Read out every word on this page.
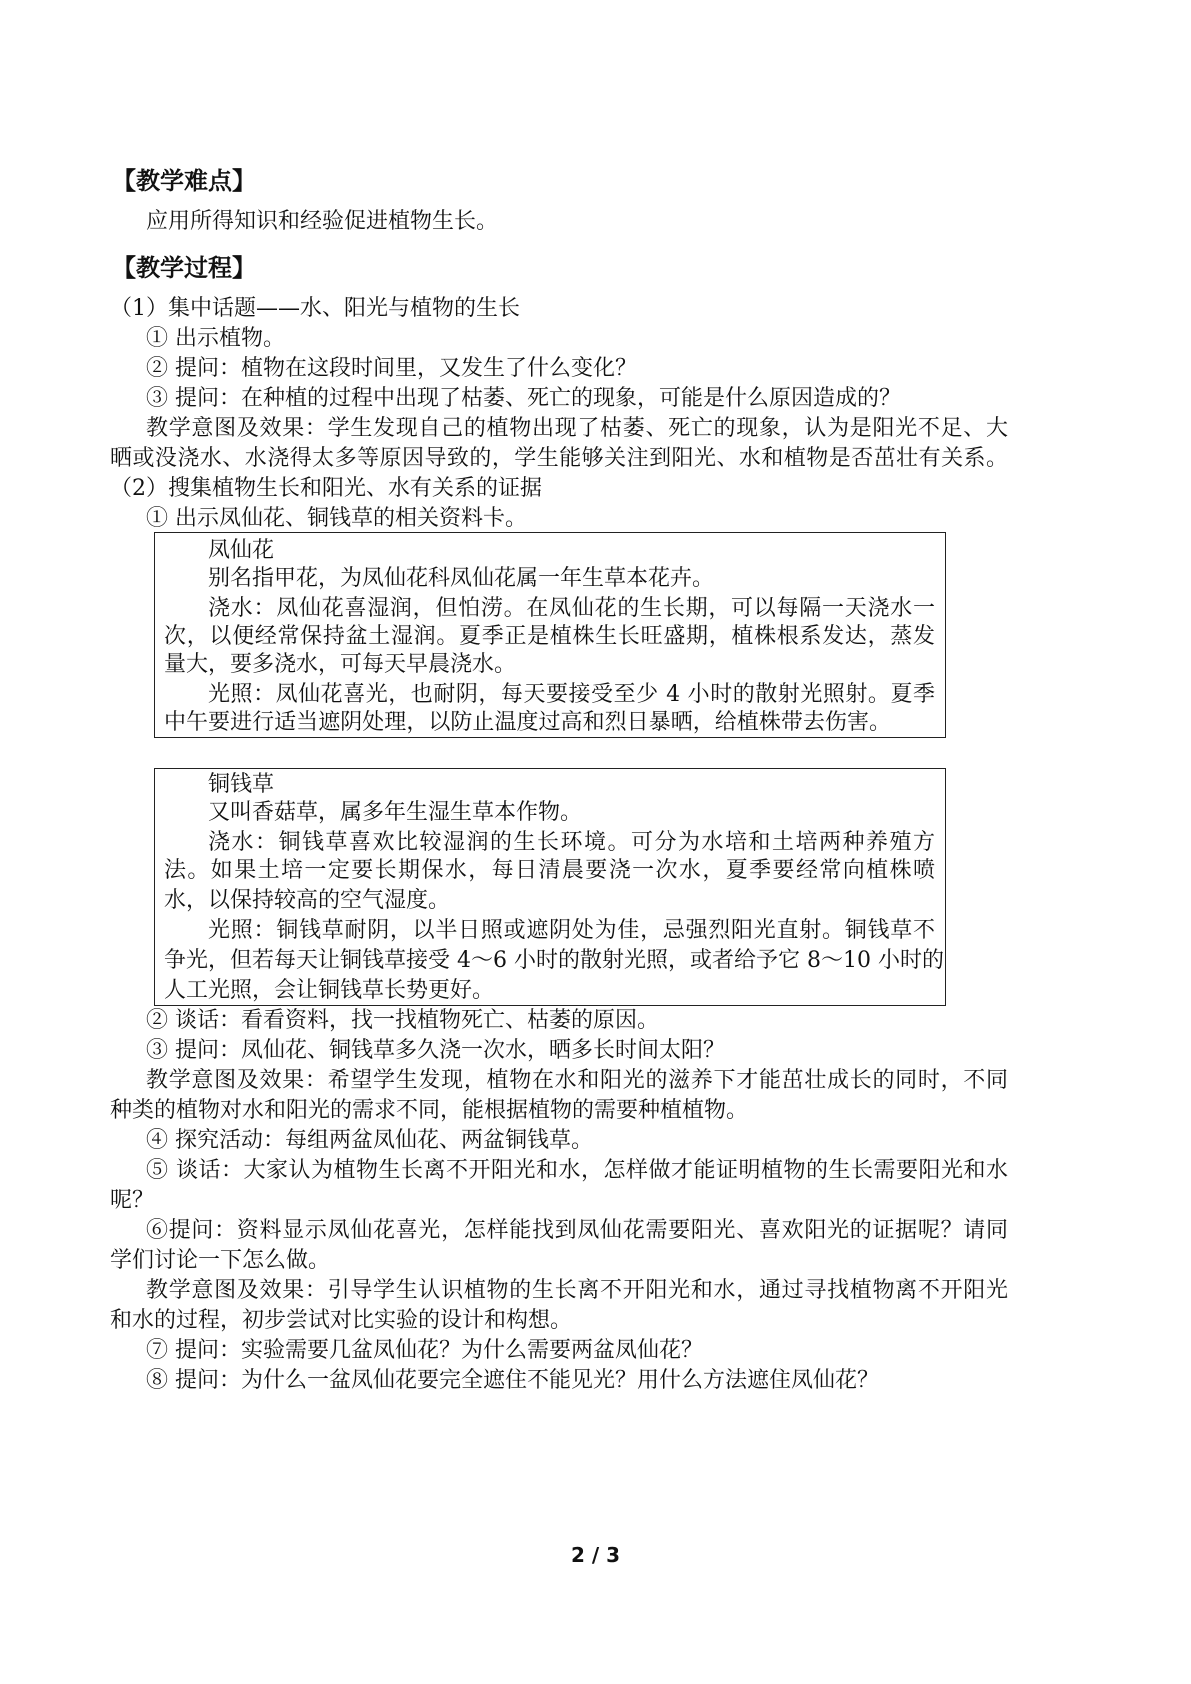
【教学难点】
应用所得知识和经验促进植物生长。
【教学过程】
（1）集中话题——水、阳光与植物的生长
① 出示植物。
② 提问：植物在这段时间里，又发生了什么变化？
③ 提问：在种植的过程中出现了枯萎、死亡的现象，可能是什么原因造成的？
教学意图及效果：学生发现自己的植物出现了枯萎、死亡的现象，认为是阳光不足、大
晒或没浇水、水浇得太多等原因导致的，学生能够关注到阳光、水和植物是否茁壮有关系。
（2）搜集植物生长和阳光、水有关系的证据
① 出示凤仙花、铜钱草的相关资料卡。
凤仙花
别名指甲花，为凤仙花科凤仙花属一年生草本花卉。
浇水：凤仙花喜湿润，但怕涝。在凤仙花的生长期，可以每隔一天浇水一
次，以便经常保持盆土湿润。夏季正是植株生长旺盛期，植株根系发达，蒸发
量大，要多浇水，可每天早晨浇水。
光照：凤仙花喜光，也耐阴，每天要接受至少 4 小时的散射光照射。夏季
中午要进行适当遮阴处理，以防止温度过高和烈日暴晒，给植株带去伤害。
铜钱草
又叫香菇草，属多年生湿生草本作物。
浇水：铜钱草喜欢比较湿润的生长环境。可分为水培和土培两种养殖方
法。如果土培一定要长期保水，每日清晨要浇一次水，夏季要经常向植株喷
水，以保持较高的空气湿度。
光照：铜钱草耐阴，以半日照或遮阴处为佳，忌强烈阳光直射。铜钱草不
争光，但若每天让铜钱草接受 4～6 小时的散射光照，或者给予它 8～10 小时的
人工光照，会让铜钱草长势更好。
② 谈话：看看资料，找一找植物死亡、枯萎的原因。
③ 提问：凤仙花、铜钱草多久浇一次水，晒多长时间太阳？
教学意图及效果：希望学生发现，植物在水和阳光的滋养下才能茁壮成长的同时，不同
种类的植物对水和阳光的需求不同，能根据植物的需要种植植物。
④ 探究活动：每组两盆凤仙花、两盆铜钱草。
⑤ 谈话：大家认为植物生长离不开阳光和水，怎样做才能证明植物的生长需要阳光和水
呢？
⑥提问：资料显示凤仙花喜光，怎样能找到凤仙花需要阳光、喜欢阳光的证据呢？请同
学们讨论一下怎么做。
教学意图及效果：引导学生认识植物的生长离不开阳光和水，通过寻找植物离不开阳光
和水的过程，初步尝试对比实验的设计和构想。
⑦ 提问：实验需要几盆凤仙花？为什么需要两盆凤仙花？
⑧ 提问：为什么一盆凤仙花要完全遮住不能见光？用什么方法遮住凤仙花？
2 / 3
